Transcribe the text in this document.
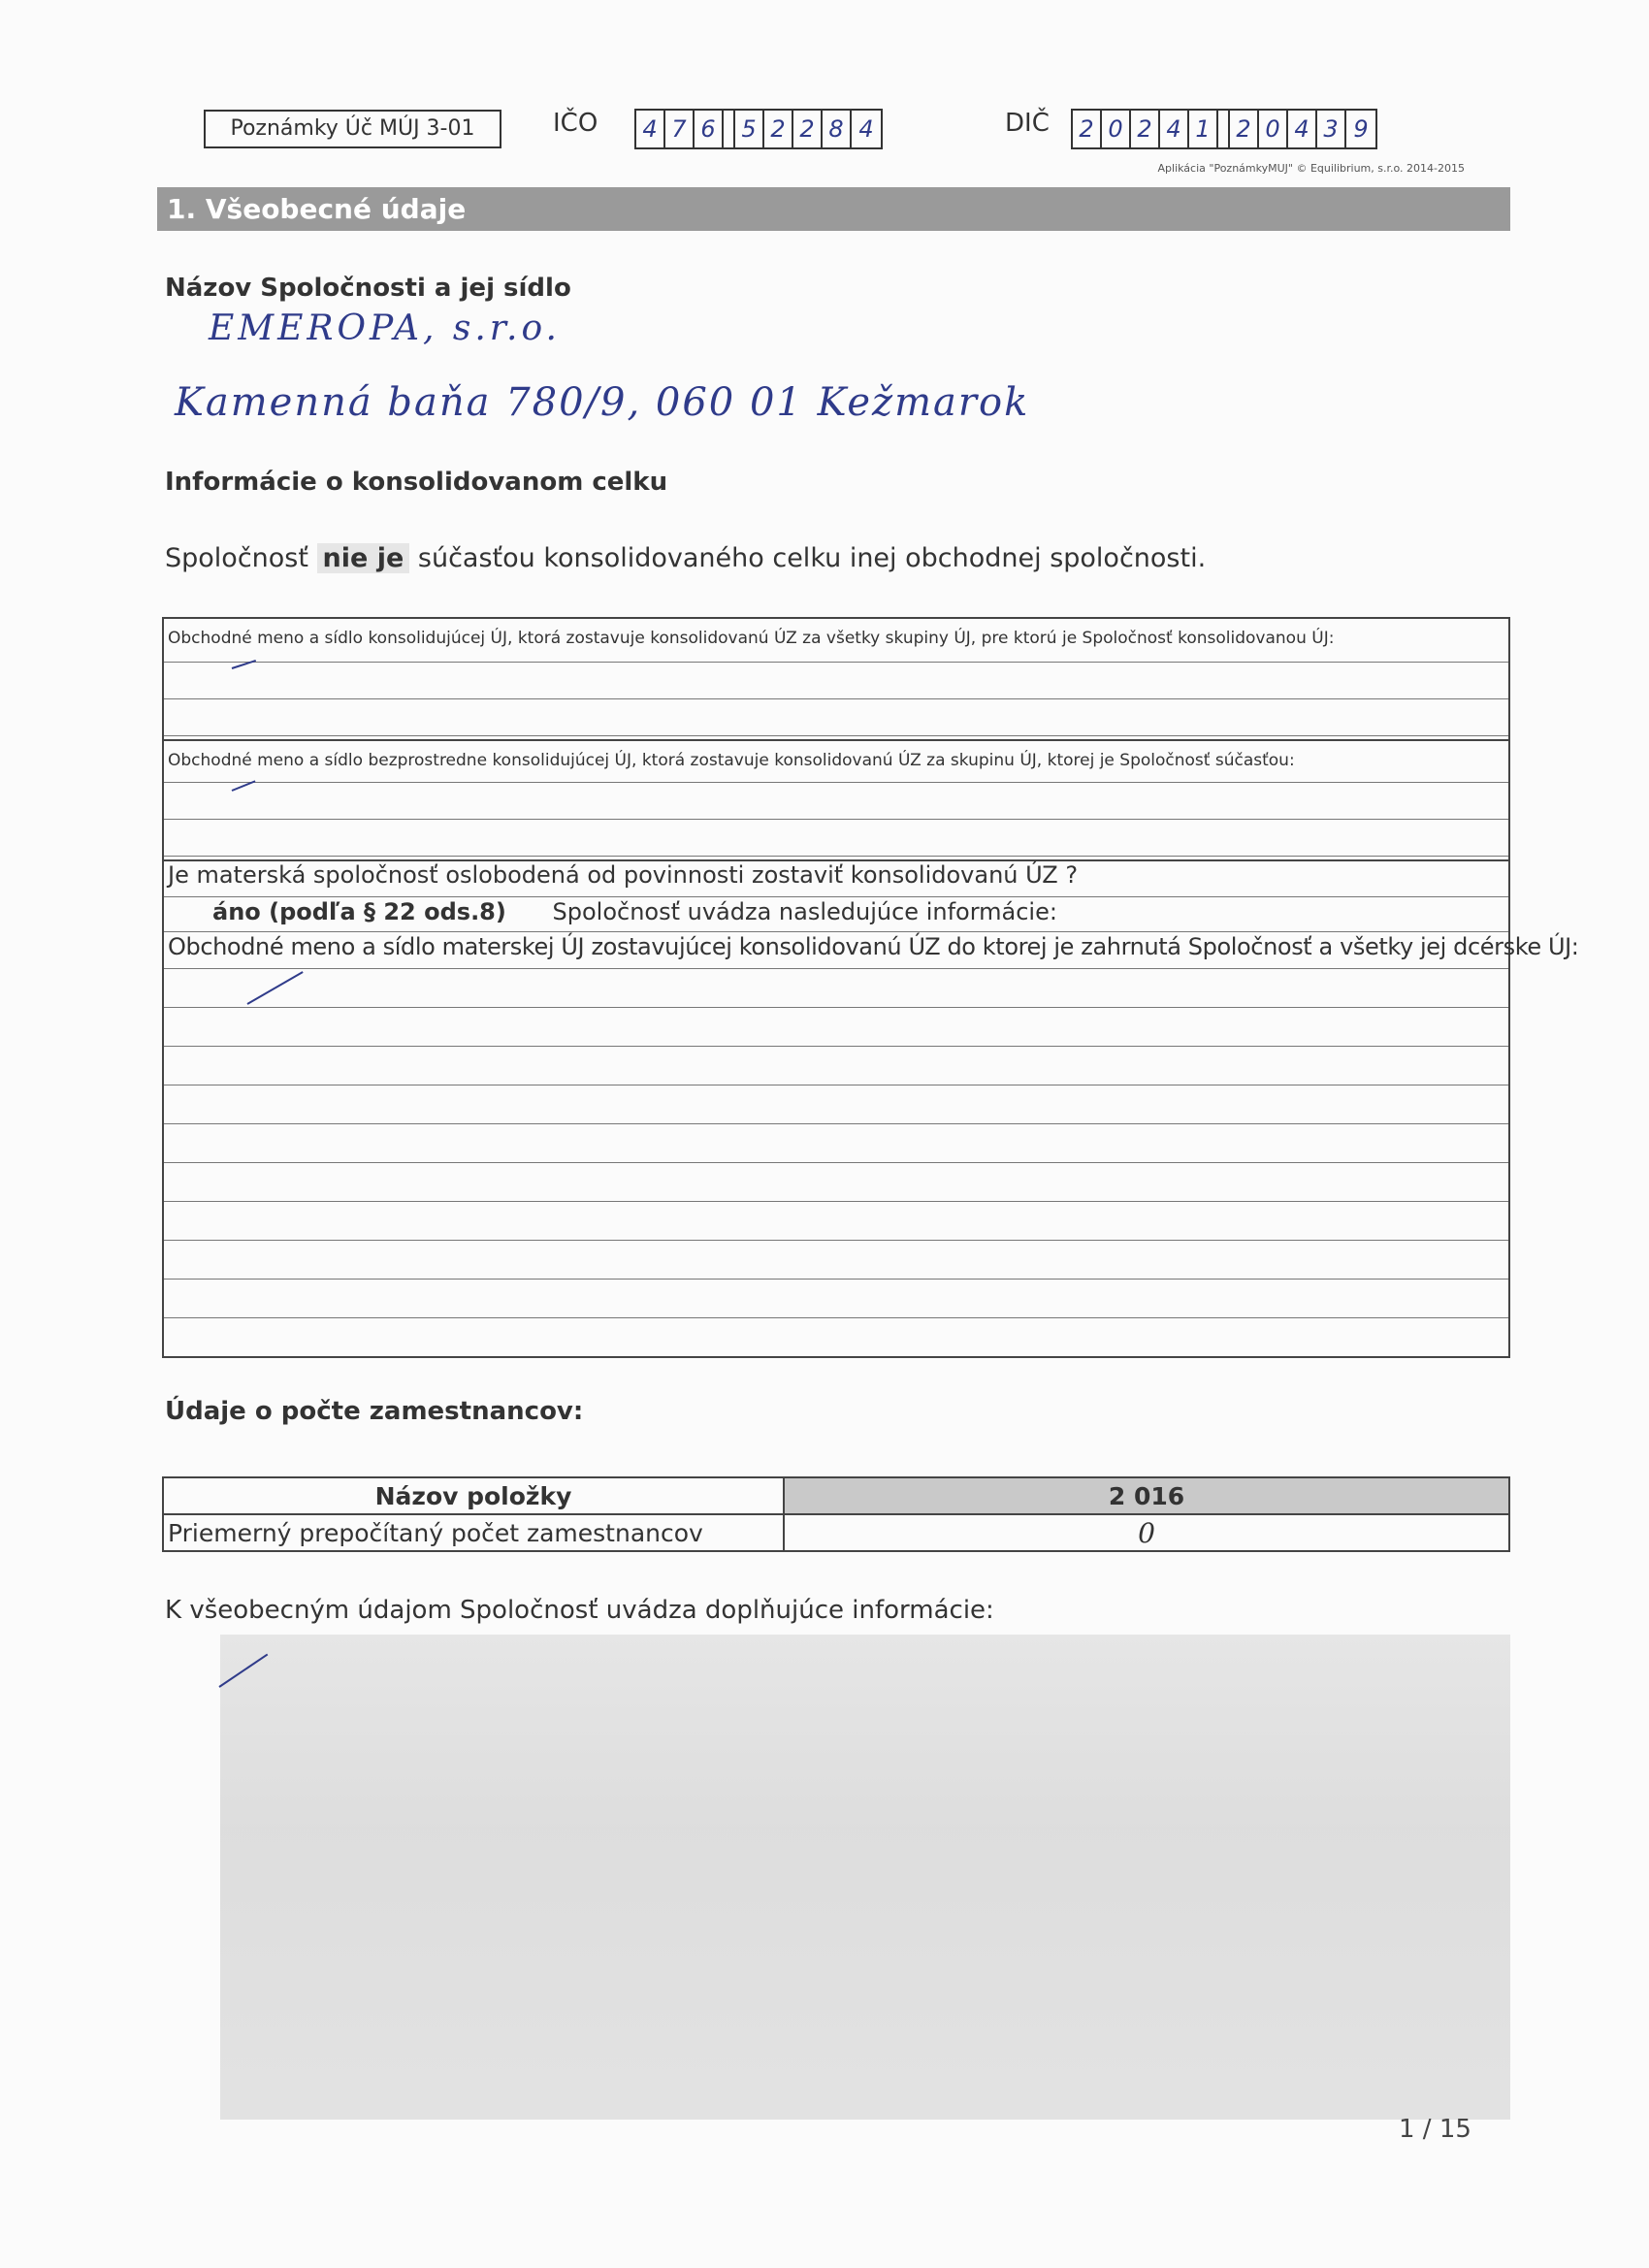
Poznámky Úč MÚJ 3-01	IČO 4 7 6	5 2 2 8 4	DIČ 2 0 2 4 1	2 0 4 3 9
Aplikácia "PoznámkyMUJ" © Equilibrium, s.r.o. 2014-2015
1. Všeobecné údaje
Názov Spoločnosti a jej sídlo
EMEROPA, s.r.o.
Kamenná baňa 780/9, 060 01 Kežmarok
Informácie o konsolidovanom celku
Spoločnosť nie je súčasťou konsolidovaného celku inej obchodnej spoločnosti.
Obchodné meno a sídlo konsolidujúcej ÚJ, ktorá zostavuje konsolidovanú ÚZ za všetky skupiny ÚJ, pre ktorú je Spoločnosť konsolidovanou ÚJ:
Obchodné meno a sídlo bezprostredne konsolidujúcej ÚJ, ktorá zostavuje konsolidovanú ÚZ za skupinu ÚJ, ktorej je Spoločnosť súčasťou:
Je materská spoločnosť oslobodená od povinnosti zostaviť konsolidovanú ÚZ ?
áno (podľa § 22 ods.8) Spoločnosť uvádza nasledujúce informácie:
Obchodné meno a sídlo materskej ÚJ zostavujúcej konsolidovanú ÚZ do ktorej je zahrnutá Spoločnosť a všetky jej dcérske ÚJ:
Údaje o počte zamestnancov:
Názov položky	2 016
Priemerný prepočítaný počet zamestnancov	0
K všeobecným údajom Spoločnosť uvádza doplňujúce informácie:
1 / 15
